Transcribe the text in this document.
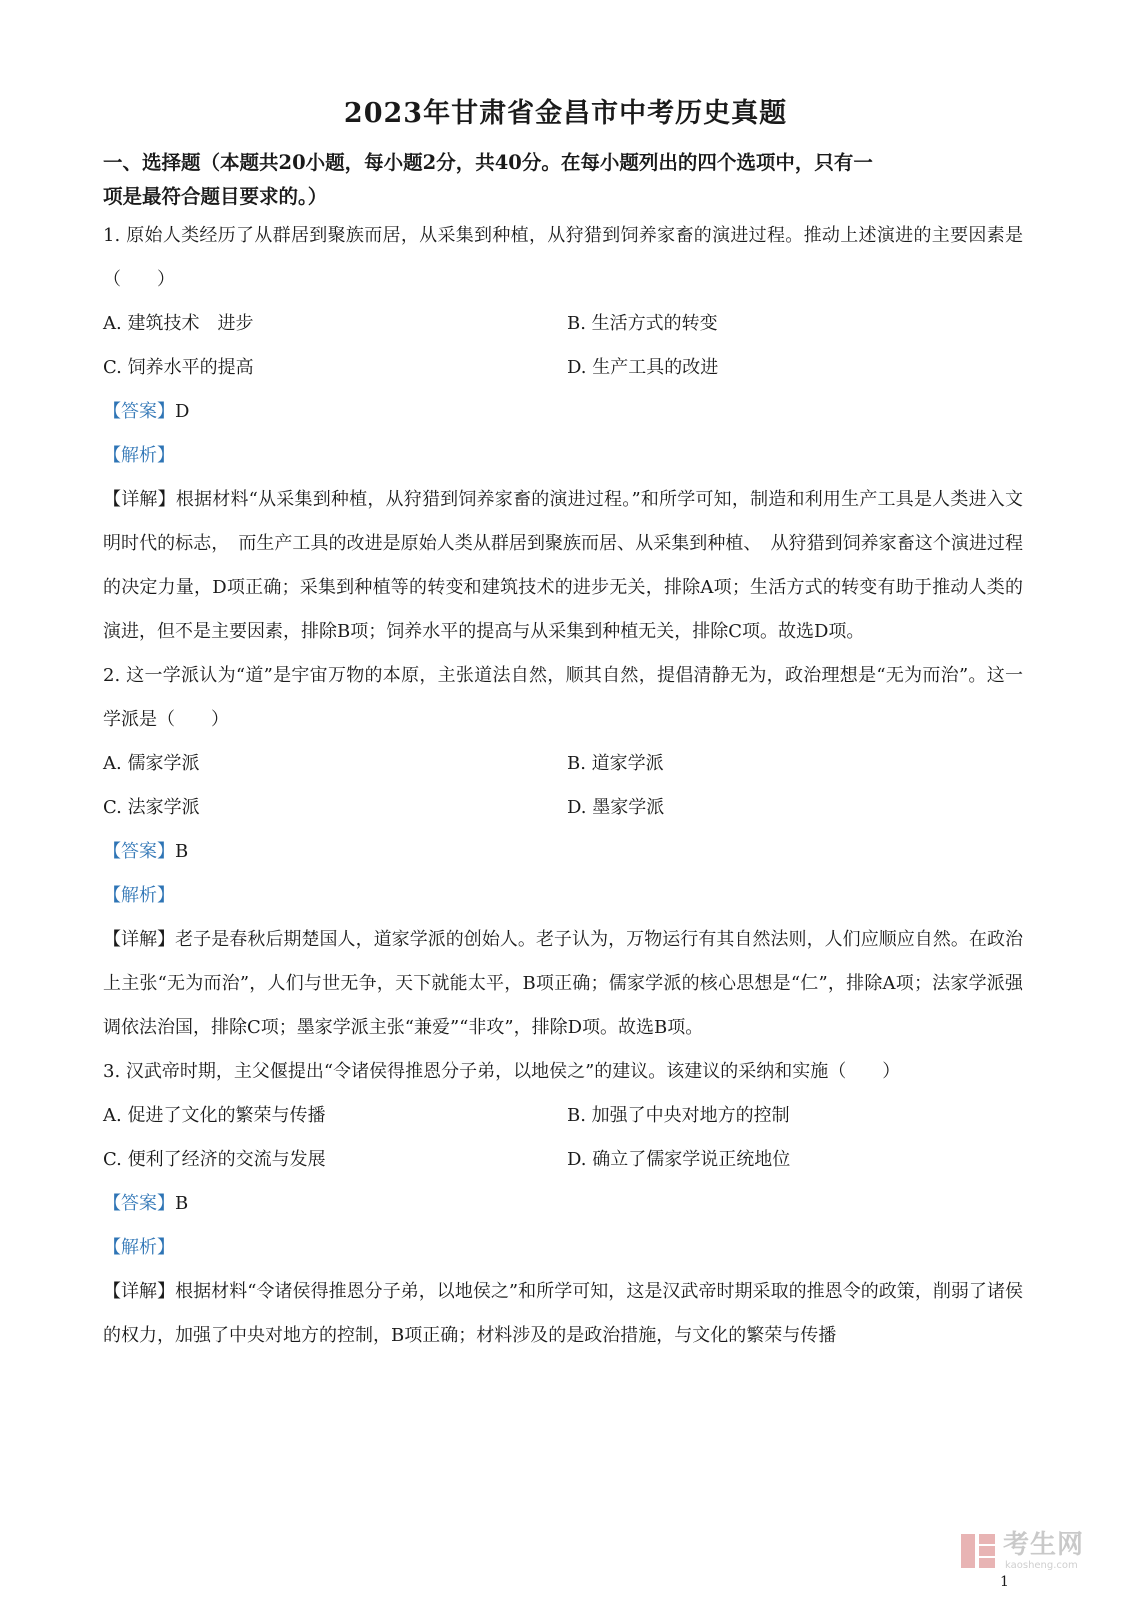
2023年甘肃省金昌市中考历史真题
一、选择题（本题共20小题，每小题2分，共40分。在每小题列出的四个选项中，只有一
项是最符合题目要求的。）

1. 原始人类经历了从群居到聚族而居，从采集到种植，从狩猎到饲养家畜的演进过程。推动上述演进的主要因素是（　　）

A. 建筑技术　进步	B. 生活方式的转变
C. 饲养水平的提高	D. 生产工具的改进
【答案】D
【解析】

【详解】根据材料“从采集到种植，从狩猎到饲养家畜的演进过程。”和所学可知，制造和利用生产工具是人类进入文明时代的标志，　而生产工具的改进是原始人类从群居到聚族而居、从采集到种植、　从狩猎到饲养家畜这个演进过程的决定力量，D项正确；采集到种植等的转变和建筑技术的进步无关，排除A项；生活方式的转变有助于推动人类的演进，但不是主要因素，排除B项；饲养水平的提高与从采集到种植无关，排除C项。故选D项。

2. 这一学派认为“道”是宇宙万物的本原，主张道法自然，顺其自然，提倡清静无为，政治理想是“无为而治”。这一学派是（　　）

A. 儒家学派	B. 道家学派
C. 法家学派	D. 墨家学派
【答案】B
【解析】

【详解】老子是春秋后期楚国人，道家学派的创始人。老子认为，万物运行有其自然法则，人们应顺应自然。在政治上主张“无为而治”，人们与世无争，天下就能太平，B项正确；儒家学派的核心思想是“仁”，排除A项；法家学派强调依法治国，排除C项；墨家学派主张“兼爱”“非攻”，排除D项。故选B项。

3. 汉武帝时期，主父偃提出“令诸侯得推恩分子弟，以地侯之”的建议。该建议的采纳和实施（　　）

A. 促进了文化的繁荣与传播	B. 加强了中央对地方的控制
C. 便利了经济的交流与发展	D. 确立了儒家学说正统地位
【答案】B
【解析】

【详解】根据材料“令诸侯得推恩分子弟，以地侯之”和所学可知，这是汉武帝时期采取的推恩令的政策，削弱了诸侯的权力，加强了中央对地方的控制，B项正确；材料涉及的是政治措施，与文化的繁荣与传播

考生网
kaosheng.com
1
